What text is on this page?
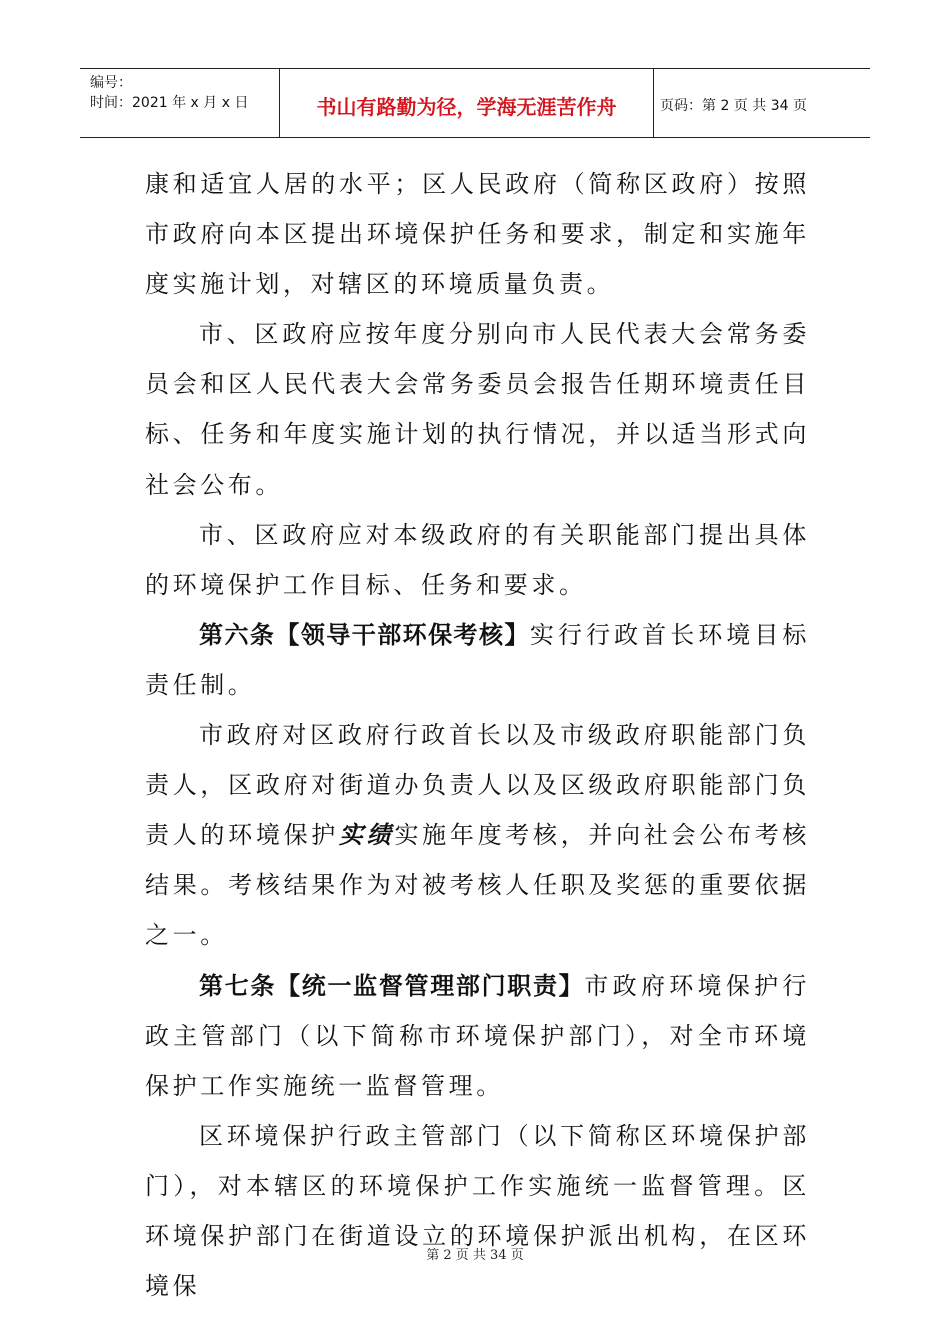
编号：
时间：2021 年 x 月 x 日	书山有路勤为径，学海无涯苦作舟	页码：第 2 页 共 34 页

康和适宜人居的水平；区人民政府（简称区政府）按照市政府向本区提出环境保护任务和要求，制定和实施年度实施计划，对辖区的环境质量负责。

市、区政府应按年度分别向市人民代表大会常务委员会和区人民代表大会常务委员会报告任期环境责任目标、任务和年度实施计划的执行情况，并以适当形式向社会公布。

市、区政府应对本级政府的有关职能部门提出具体的环境保护工作目标、任务和要求。

第六条【领导干部环保考核】实行行政首长环境目标责任制。

市政府对区政府行政首长以及市级政府职能部门负责人，区政府对街道办负责人以及区级政府职能部门负责人的环境保护实绩实施年度考核，并向社会公布考核结果。考核结果作为对被考核人任职及奖惩的重要依据之一。

第七条【统一监督管理部门职责】市政府环境保护行政主管部门（以下简称市环境保护部门），对全市环境保护工作实施统一监督管理。

区环境保护行政主管部门（以下简称区环境保护部门），对本辖区的环境保护工作实施统一监督管理。区环境保护部门在街道设立的环境保护派出机构，在区环境保

第 2 页 共 34 页
